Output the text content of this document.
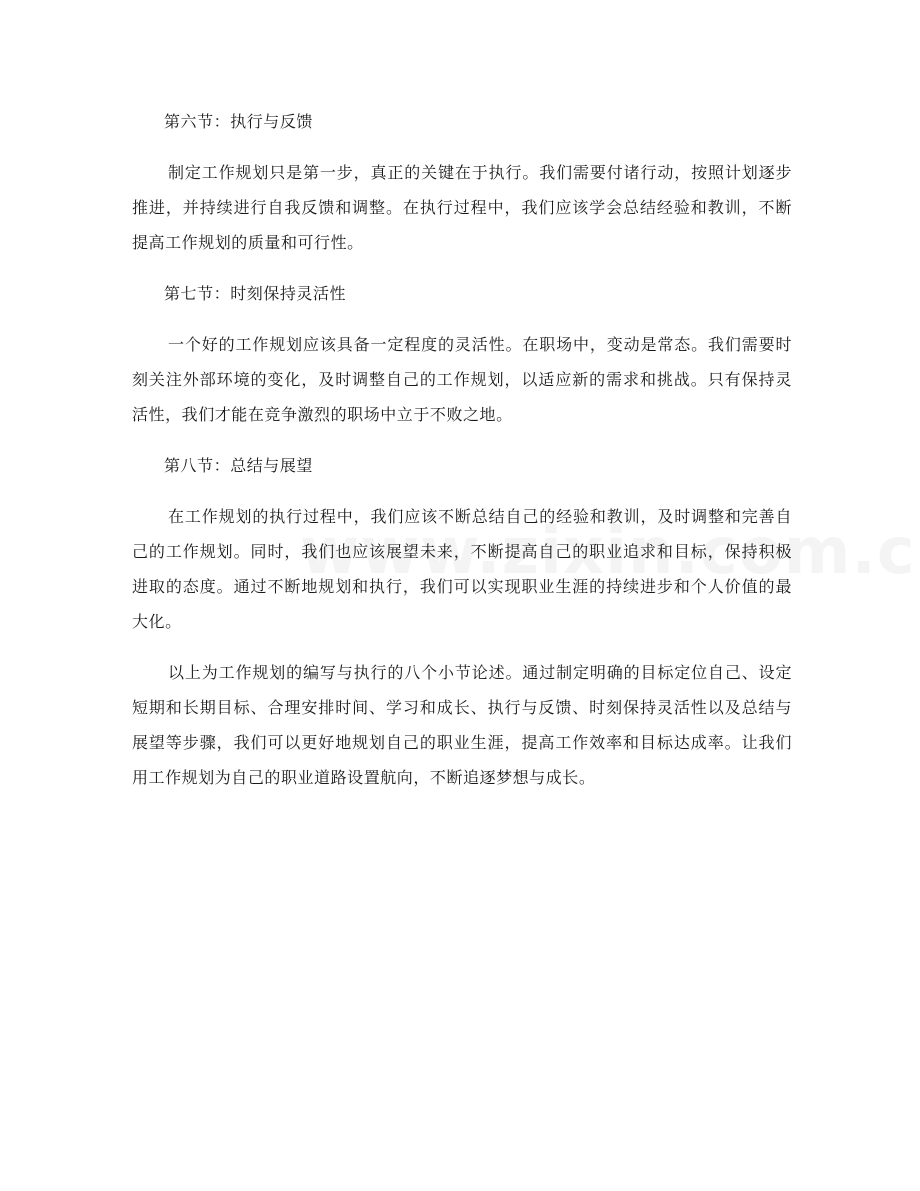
第六节：执行与反馈

制定工作规划只是第一步，真正的关键在于执行。我们需要付诸行动，按照计划逐步推进，并持续进行自我反馈和调整。在执行过程中，我们应该学会总结经验和教训，不断提高工作规划的质量和可行性。

第七节：时刻保持灵活性

一个好的工作规划应该具备一定程度的灵活性。在职场中，变动是常态。我们需要时刻关注外部环境的变化，及时调整自己的工作规划，以适应新的需求和挑战。只有保持灵活性，我们才能在竞争激烈的职场中立于不败之地。

第八节：总结与展望

在工作规划的执行过程中，我们应该不断总结自己的经验和教训，及时调整和完善自己的工作规划。同时，我们也应该展望未来，不断提高自己的职业追求和目标，保持积极进取的态度。通过不断地规划和执行，我们可以实现职业生涯的持续进步和个人价值的最大化。

以上为工作规划的编写与执行的八个小节论述。通过制定明确的目标定位自己、设定短期和长期目标、合理安排时间、学习和成长、执行与反馈、时刻保持灵活性以及总结与展望等步骤，我们可以更好地规划自己的职业生涯，提高工作效率和目标达成率。让我们用工作规划为自己的职业道路设置航向，不断追逐梦想与成长。
